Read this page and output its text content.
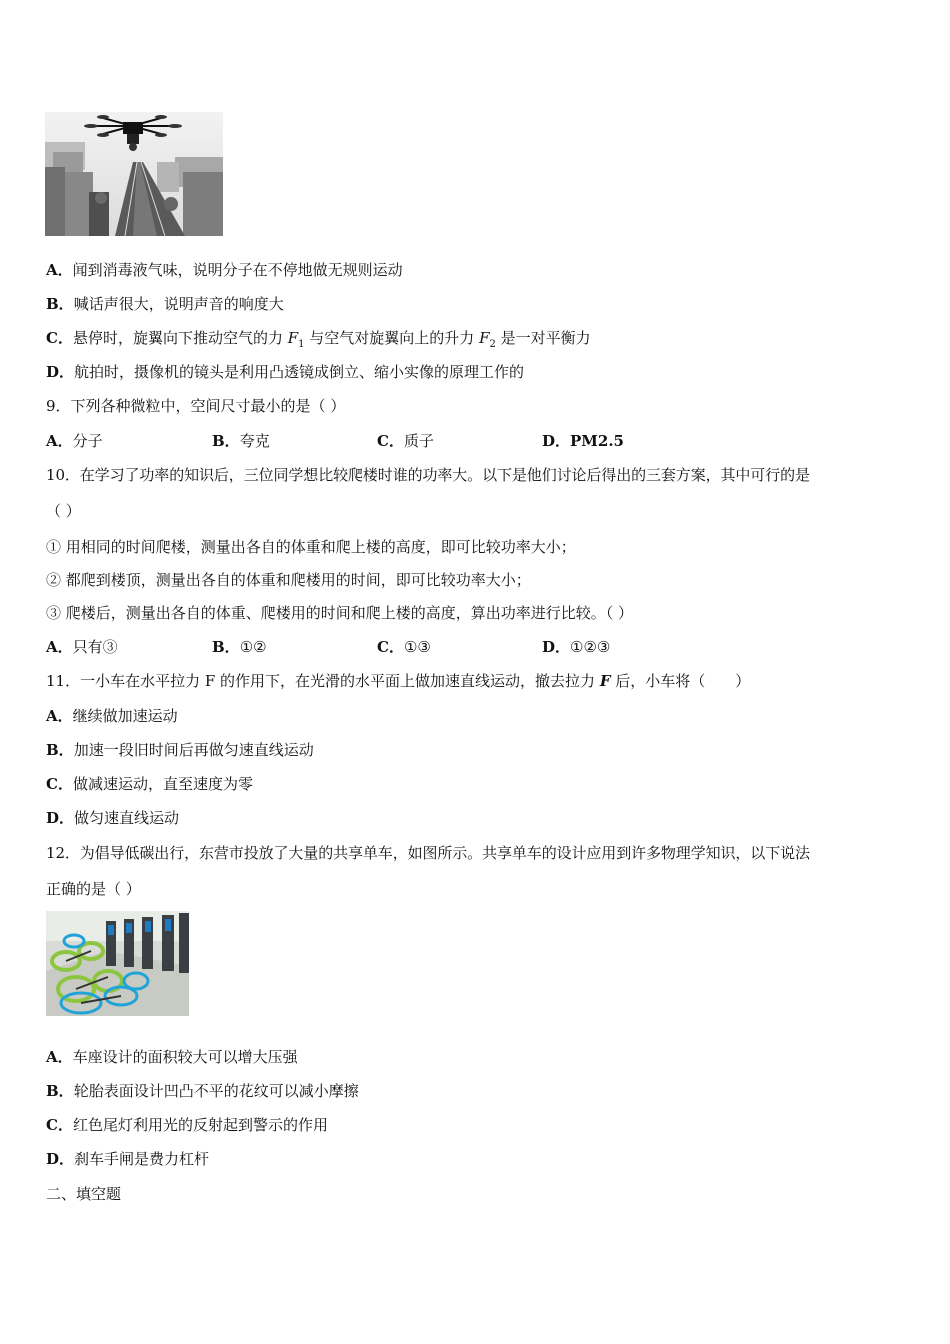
A．闻到消毒液气味，说明分子在不停地做无规则运动
B．喊话声很大，说明声音的响度大
C．悬停时，旋翼向下推动空气的力 $F_1$ 与空气对旋翼向上的升力 $F_2$ 是一对平衡力
D．航拍时，摄像机的镜头是利用凸透镜成倒立、缩小实像的原理工作的
9．下列各种微粒中，空间尺寸最小的是（ ）
A．分子	B．夸克	C．质子	D．PM2.5
10．在学习了功率的知识后，三位同学想比较爬楼时谁的功率大。以下是他们讨论后得出的三套方案，其中可行的是
（ ）
① 用相同的时间爬楼，测量出各自的体重和爬上楼的高度，即可比较功率大小；
② 都爬到楼顶，测量出各自的体重和爬楼用的时间，即可比较功率大小；
③ 爬楼后，测量出各自的体重、爬楼用的时间和爬上楼的高度，算出功率进行比较。（ ）
A．只有③	B．①②	C．①③	D．①②③
11．一小车在水平拉力 F 的作用下，在光滑的水平面上做加速直线运动，撤去拉力 F 后，小车将（　　）
A．继续做加速运动
B．加速一段旧时间后再做匀速直线运动
C．做减速运动，直至速度为零
D．做匀速直线运动
12．为倡导低碳出行，东营市投放了大量的共享单车，如图所示。共享单车的设计应用到许多物理学知识，以下说法
正确的是（ ）
A．车座设计的面积较大可以增大压强
B．轮胎表面设计凹凸不平的花纹可以减小摩擦
C．红色尾灯利用光的反射起到警示的作用
D．刹车手闸是费力杠杆
二、填空题
